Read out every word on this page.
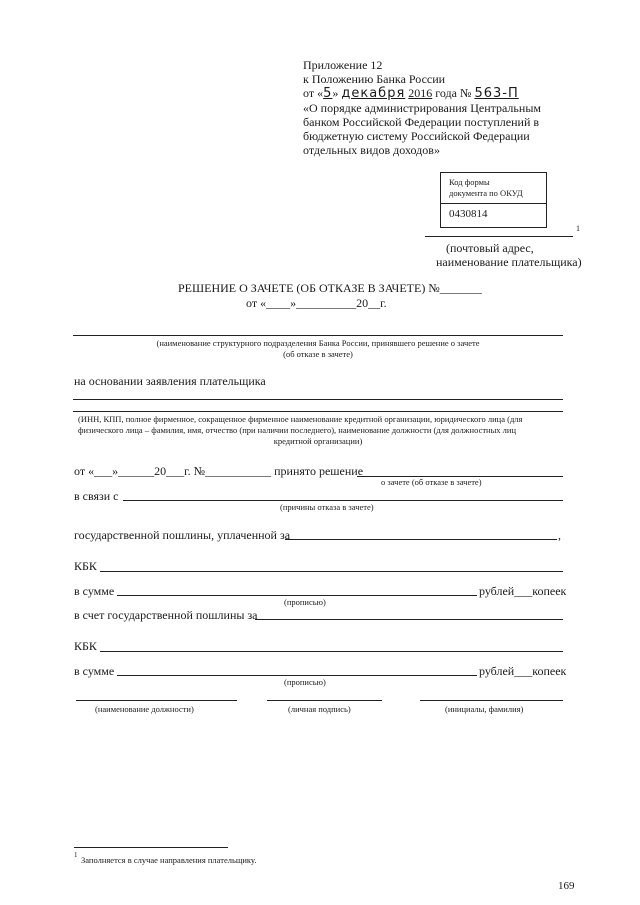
Приложение 12
к Положению Банка России
от «5» декабря 2016 года № 563-П
«О порядке администрирования Центральным
банком Российской Федерации поступлений в
бюджетную систему Российской Федерации
отдельных видов доходов»
Код формы
документа по ОКУД
0430814
1
(почтовый адрес,
наименование плательщика)
РЕШЕНИЕ О ЗАЧЕТЕ (ОБ ОТКАЗЕ В ЗАЧЕТЕ) №_______
от «____»__________20__г.
(наименование структурного подразделения Банка России, принявшего решение о зачете
(об отказе в зачете)
на основании заявления плательщика
(ИНН, КПП, полное фирменное, сокращенное фирменное наименование кредитной организации, юридического лица (для
физического лица – фамилия, имя, отчество (при наличии последнего), наименование должности (для должностных лиц
кредитной организации)
от «___»______20___г. №___________ принято решение
о зачете (об отказе в зачете)
в связи с
(причины отказа в зачете)
государственной пошлины, уплаченной за	,
КБК
в сумме	рублей___копеек
(прописью)
в счет государственной пошлины за
КБК
в сумме	рублей___копеек
(прописью)
(наименование должности)	(личная подпись)	(инициалы, фамилия)
1 Заполняется в случае направления плательщику.
169
